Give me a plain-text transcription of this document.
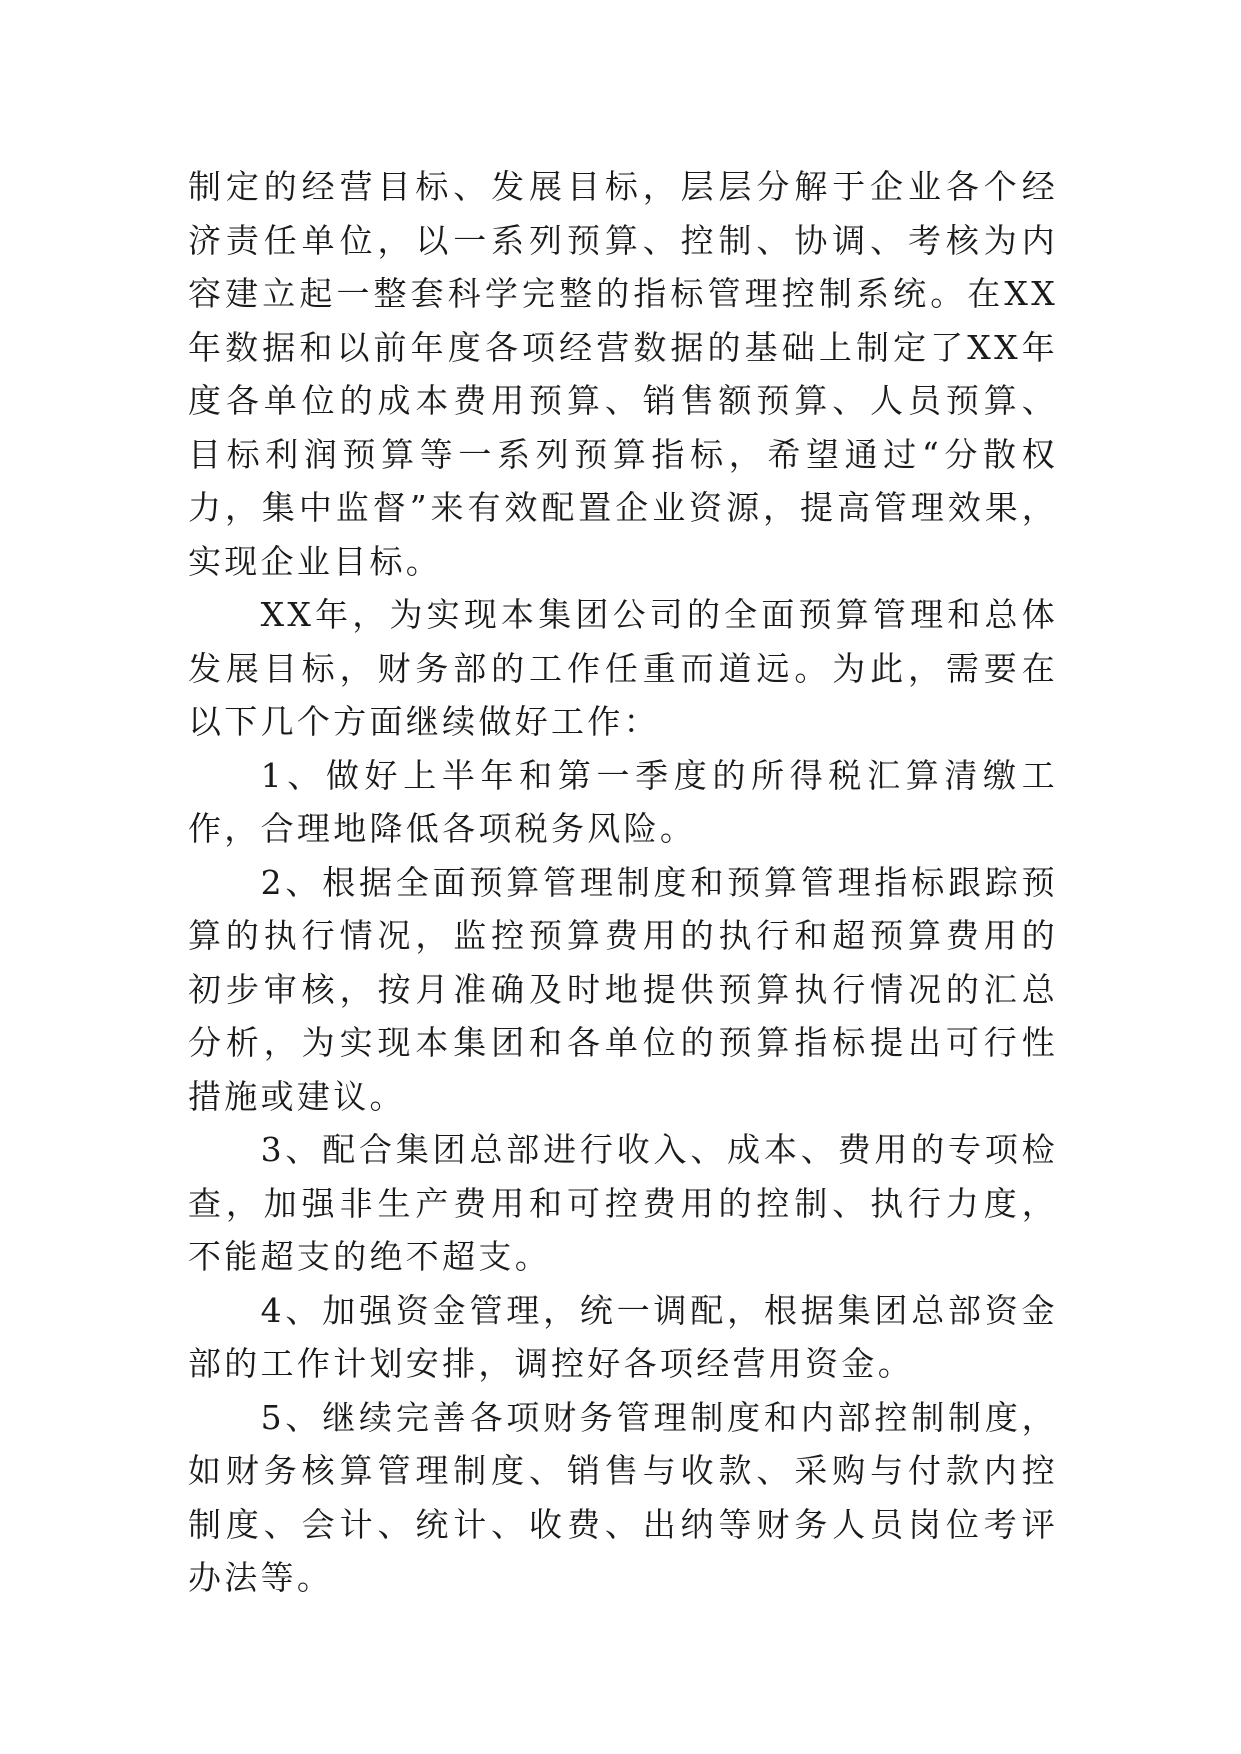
制定的经营目标、发展目标，层层分解于企业各个经济责任单位，以一系列预算、控制、协调、考核为内容建立起一整套科学完整的指标管理控制系统。在XX年数据和以前年度各项经营数据的基础上制定了XX年度各单位的成本费用预算、销售额预算、人员预算、目标利润预算等一系列预算指标，希望通过“分散权力，集中监督”来有效配置企业资源，提高管理效果，实现企业目标。

XX年，为实现本集团公司的全面预算管理和总体发展目标，财务部的工作任重而道远。为此，需要在以下几个方面继续做好工作：

1、做好上半年和第一季度的所得税汇算清缴工作，合理地降低各项税务风险。

2、根据全面预算管理制度和预算管理指标跟踪预算的执行情况，监控预算费用的执行和超预算费用的初步审核，按月准确及时地提供预算执行情况的汇总分析，为实现本集团和各单位的预算指标提出可行性措施或建议。

3、配合集团总部进行收入、成本、费用的专项检查，加强非生产费用和可控费用的控制、执行力度，不能超支的绝不超支。

4、加强资金管理，统一调配，根据集团总部资金部的工作计划安排，调控好各项经营用资金。

5、继续完善各项财务管理制度和内部控制制度，如财务核算管理制度、销售与收款、采购与付款内控制度、会计、统计、收费、出纳等财务人员岗位考评办法等。
